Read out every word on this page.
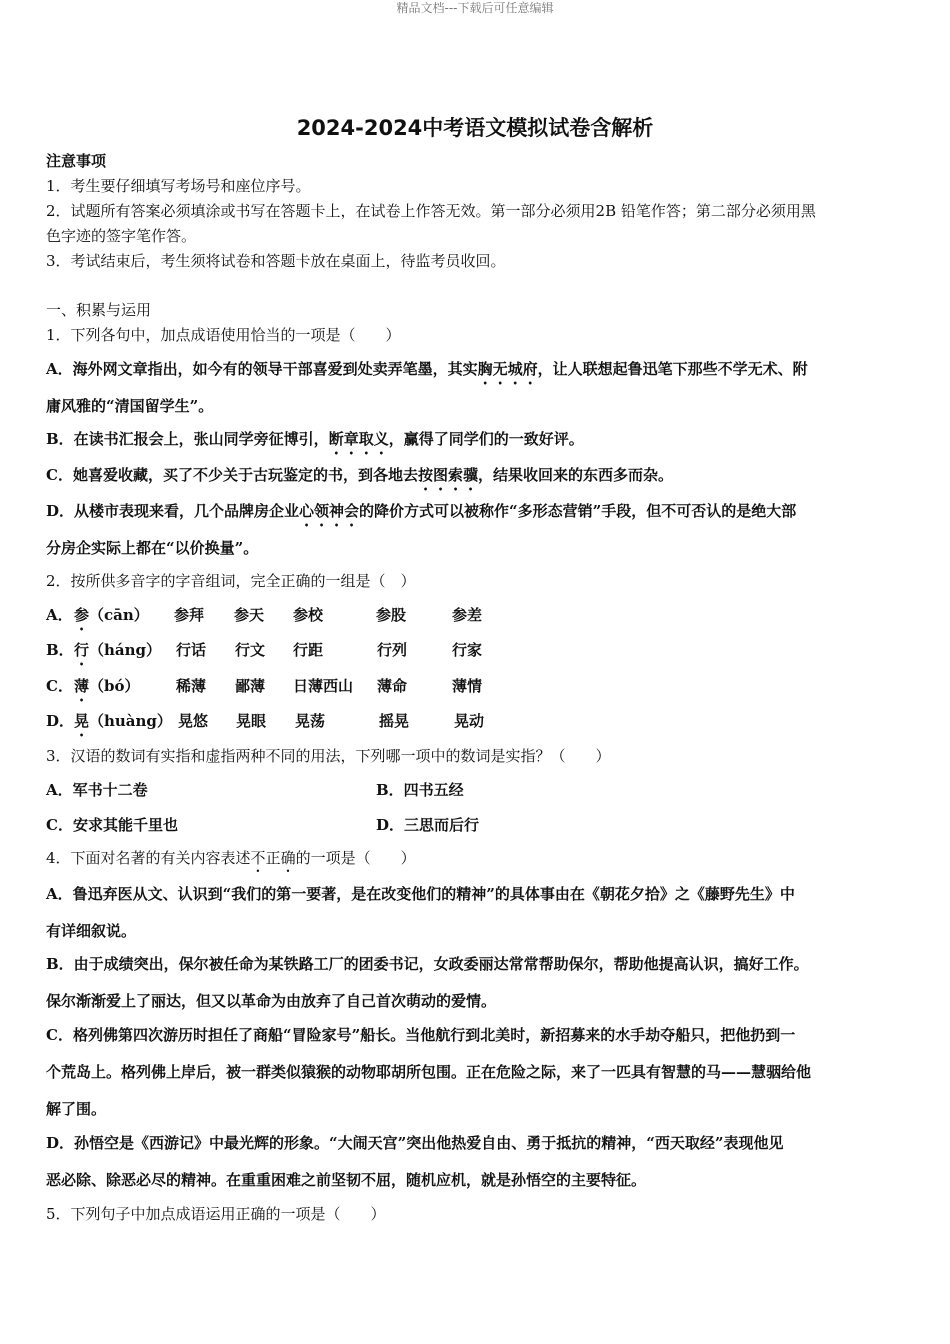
精品文档---下载后可任意编辑
2024-2024中考语文模拟试卷含解析
注意事项
1．考生要仔细填写考场号和座位序号。
2．试题所有答案必须填涂或书写在答题卡上，在试卷上作答无效。第一部分必须用2B 铅笔作答；第二部分必须用黑
色字迹的签字笔作答。
3．考试结束后，考生须将试卷和答题卡放在桌面上，待监考员收回。
一、积累与运用
1．下列各句中，加点成语使用恰当的一项是（　　）
A．海外网文章指出，如今有的领导干部喜爱到处卖弄笔墨，其实胸无城府，让人联想起鲁迅笔下那些不学无术、附
庸风雅的“清国留学生”。
B．在读书汇报会上，张山同学旁征博引，断章取义，赢得了同学们的一致好评。
C．她喜爱收藏，买了不少关于古玩鉴定的书，到各地去按图索骥，结果收回来的东西多而杂。
D．从楼市表现来看，几个品牌房企业心领神会的降价方式可以被称作“多形态营销”手段，但不可否认的是绝大部
分房企实际上都在“以价换量”。
2．按所供多音字的字音组词，完全正确的一组是（　）
A． 参 （cān） 参拜 参天 参校	参股	参差
B． 行 （háng） 行话 行文 行距	行列	行家
C． 薄 （bó） 稀薄 鄙薄 日薄西山 薄命	薄情
D． 晃 （huàng） 晃悠 晃眼 晃荡	摇晃	晃动
3．汉语的数词有实指和虚指两种不同的用法，下列哪一项中的数词是实指？（　　）
A．军书十二卷	B．四书五经
C．安求其能千里也	D．三思而后行
4．下面对名著的有关内容表述不正确的一项是（　　）
A．鲁迅弃医从文、认识到“我们的第一要著，是在改变他们的精神”的具体事由在《朝花夕拾》之《藤野先生》中
有详细叙说。
B．由于成绩突出，保尔被任命为某铁路工厂的团委书记，女政委丽达常常帮助保尔，帮助他提高认识，搞好工作。
保尔渐渐爱上了丽达，但又以革命为由放弃了自己首次萌动的爱情。
C．格列佛第四次游历时担任了商船“冒险家号”船长。当他航行到北美时，新招募来的水手劫夺船只，把他扔到一
个荒岛上。格列佛上岸后，被一群类似猿猴的动物耶胡所包围。正在危险之际，来了一匹具有智慧的马——慧骃给他
解了围。
D．孙悟空是《西游记》中最光辉的形象。“大闹天宫”突出他热爱自由、勇于抵抗的精神，“西天取经”表现他见
恶必除、除恶必尽的精神。在重重困难之前坚韧不屈，随机应机，就是孙悟空的主要特征。
5．下列句子中加点成语运用正确的一项是（　　）
